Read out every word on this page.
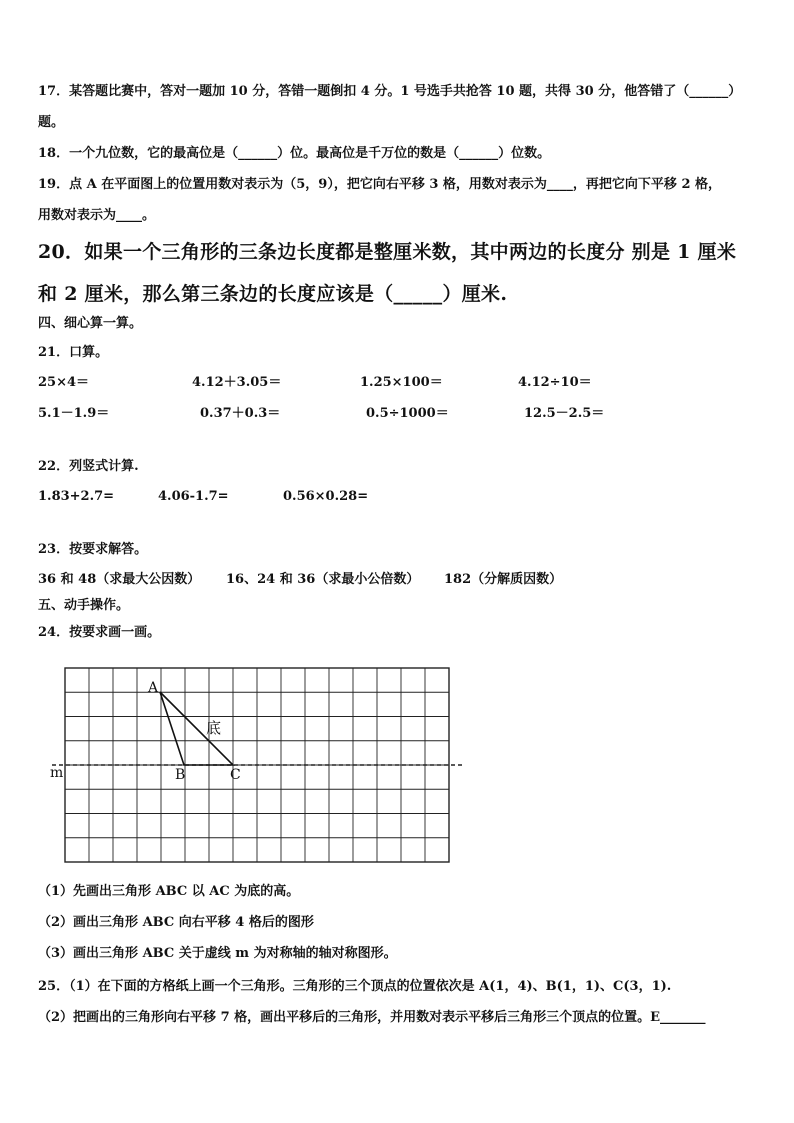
17．某答题比赛中，答对一题加 10 分，答错一题倒扣 4 分。1 号选手共抢答 10 题，共得 30 分，他答错了（______）
题。
18．一个九位数，它的最高位是（______）位。最高位是千万位的数是（______）位数。
19．点 A 在平面图上的位置用数对表示为（5，9），把它向右平移 3 格，用数对表示为____，再把它向下平移 2 格，
用数对表示为____。
20．如果一个三角形的三条边长度都是整厘米数，其中两边的长度分 别是 1 厘米
和 2 厘米，那么第三条边的长度应该是（_____）厘米.
四、细心算一算。
21．口算。
25×4＝	4.12＋3.05＝	1.25×100＝	4.12÷10＝
5.1－1.9＝	0.37＋0.3＝	0.5÷1000＝	12.5－2.5＝
22．列竖式计算.
1.83+2.7=	4.06-1.7=	0.56×0.28=
23．按要求解答。
36 和 48（求最大公因数） 16、24 和 36（求最小公倍数） 182（分解质因数）
五、动手操作。
24．按要求画一画。
m
A
B	C
底
（1）先画出三角形 ABC 以 AC 为底的高。
（2）画出三角形 ABC 向右平移 4 格后的图形
（3）画出三角形 ABC 关于虚线 m 为对称轴的轴对称图形。
25．（1）在下面的方格纸上画一个三角形。三角形的三个顶点的位置依次是 A(1，4)、B(1，1)、C(3，1).
（2）把画出的三角形向右平移 7 格，画出平移后的三角形，并用数对表示平移后三角形三个顶点的位置。E_______
